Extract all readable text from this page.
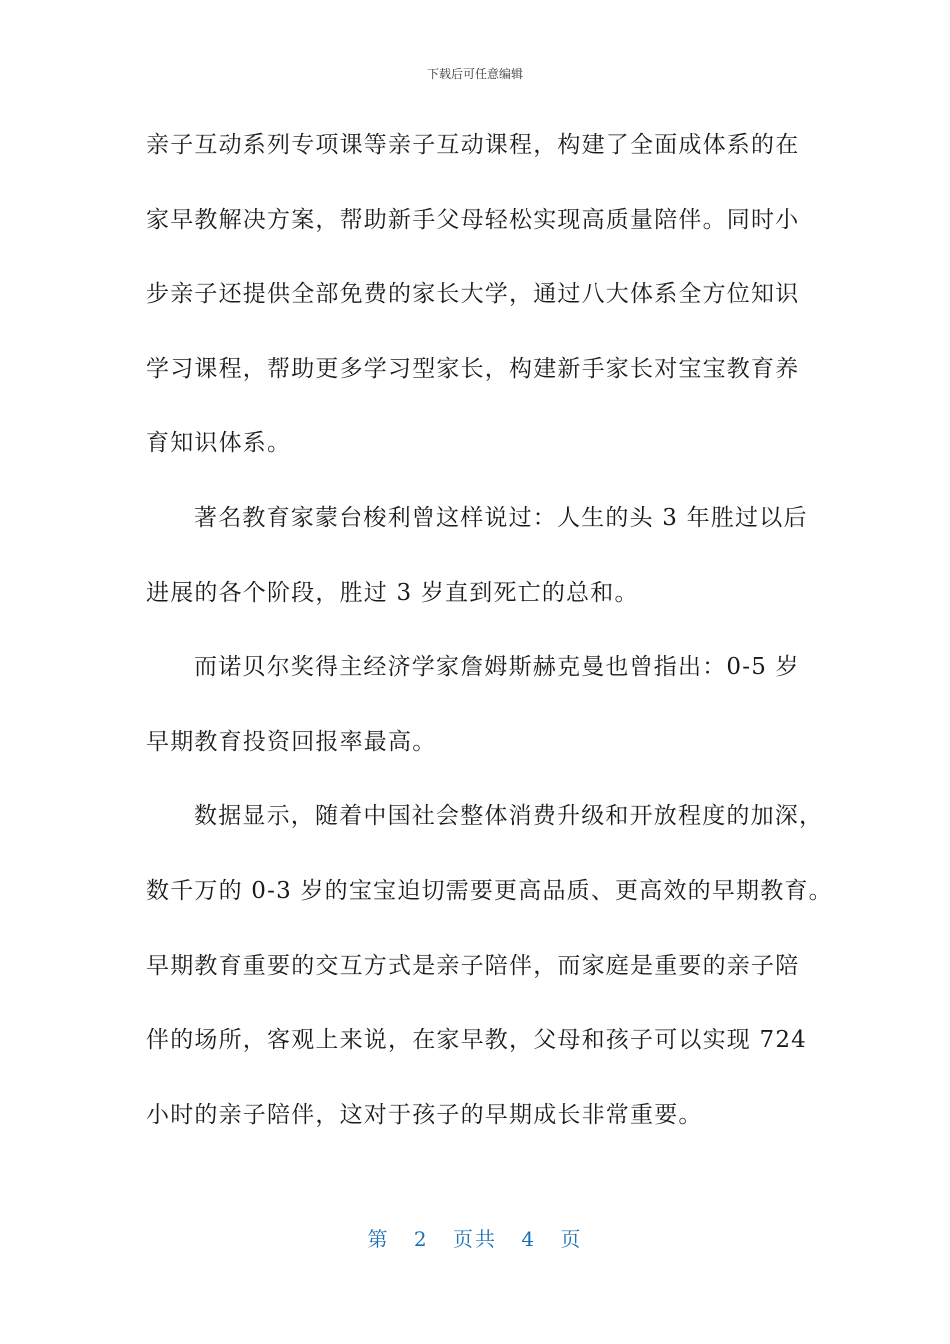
下载后可任意编辑
亲子互动系列专项课等亲子互动课程，构建了全面成体系的在
家早教解决方案，帮助新手父母轻松实现高质量陪伴。同时小
步亲子还提供全部免费的家长大学，通过八大体系全方位知识
学习课程，帮助更多学习型家长，构建新手家长对宝宝教育养
育知识体系。
著名教育家蒙台梭利曾这样说过：人生的头 3 年胜过以后
进展的各个阶段，胜过 3 岁直到死亡的总和。
而诺贝尔奖得主经济学家詹姆斯赫克曼也曾指出：0-5 岁
早期教育投资回报率最高。
数据显示，随着中国社会整体消费升级和开放程度的加深，
数千万的 0-3 岁的宝宝迫切需要更高品质、更高效的早期教育。
早期教育重要的交互方式是亲子陪伴，而家庭是重要的亲子陪
伴的场所，客观上来说，在家早教，父母和孩子可以实现 724
小时的亲子陪伴，这对于孩子的早期成长非常重要。
第 2 页共 4 页
